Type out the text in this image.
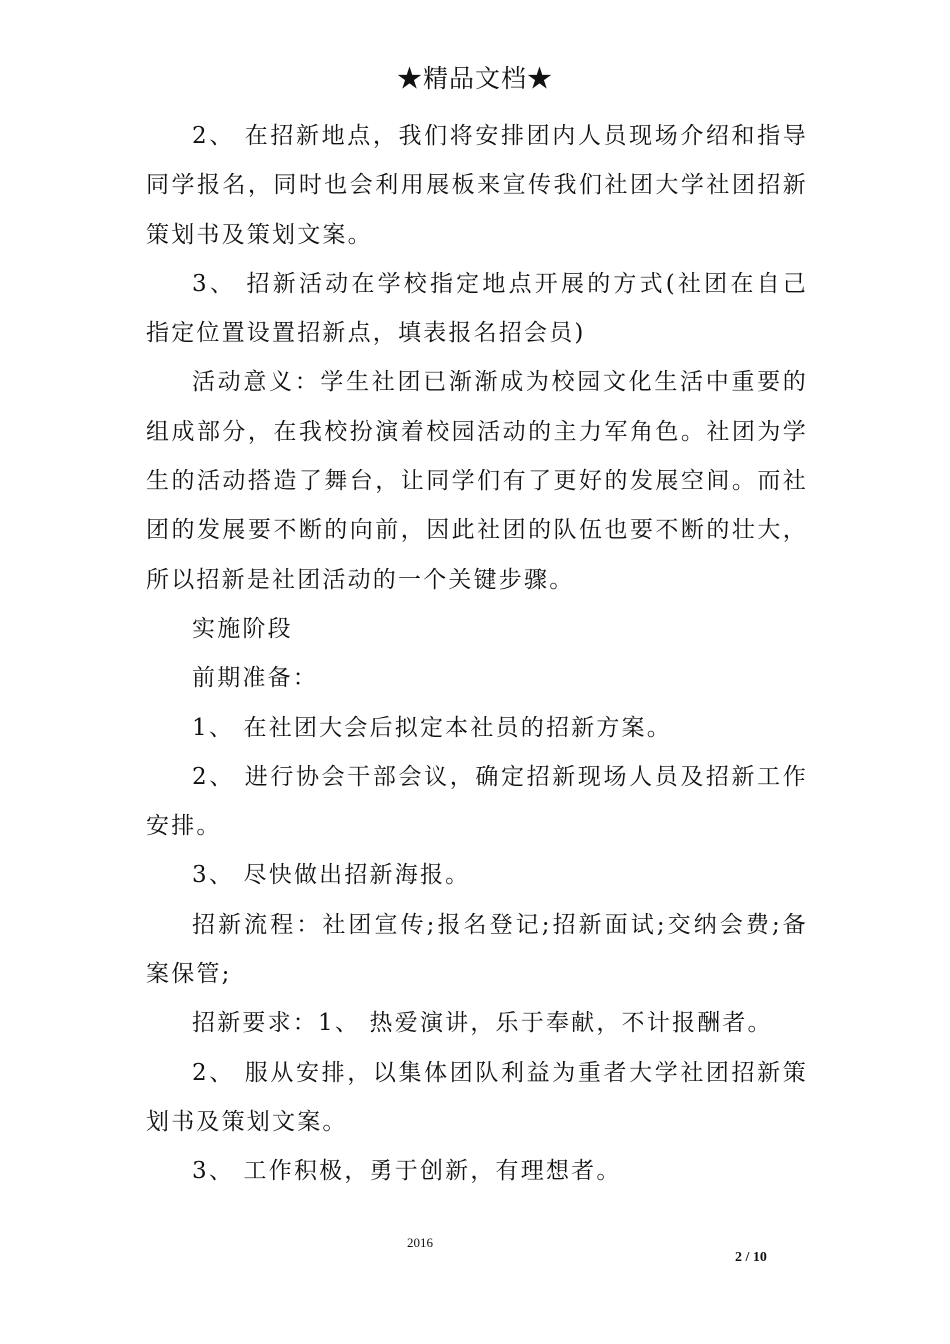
★精品文档★

2、 在招新地点，我们将安排团内人员现场介绍和指导同学报名，同时也会利用展板来宣传我们社团大学社团招新策划书及策划文案。

3、 招新活动在学校指定地点开展的方式(社团在自己指定位置设置招新点，填表报名招会员)

活动意义：学生社团已渐渐成为校园文化生活中重要的组成部分，在我校扮演着校园活动的主力军角色。社团为学生的活动搭造了舞台，让同学们有了更好的发展空间。而社团的发展要不断的向前，因此社团的队伍也要不断的壮大，所以招新是社团活动的一个关键步骤。

实施阶段

前期准备：

1、 在社团大会后拟定本社员的招新方案。

2、 进行协会干部会议，确定招新现场人员及招新工作安排。

3、 尽快做出招新海报。

招新流程：社团宣传;报名登记;招新面试;交纳会费;备案保管;

招新要求：1、 热爱演讲，乐于奉献，不计报酬者。

2、 服从安排，以集体团队利益为重者大学社团招新策划书及策划文案。

3、 工作积极，勇于创新，有理想者。

2016
2 / 10
